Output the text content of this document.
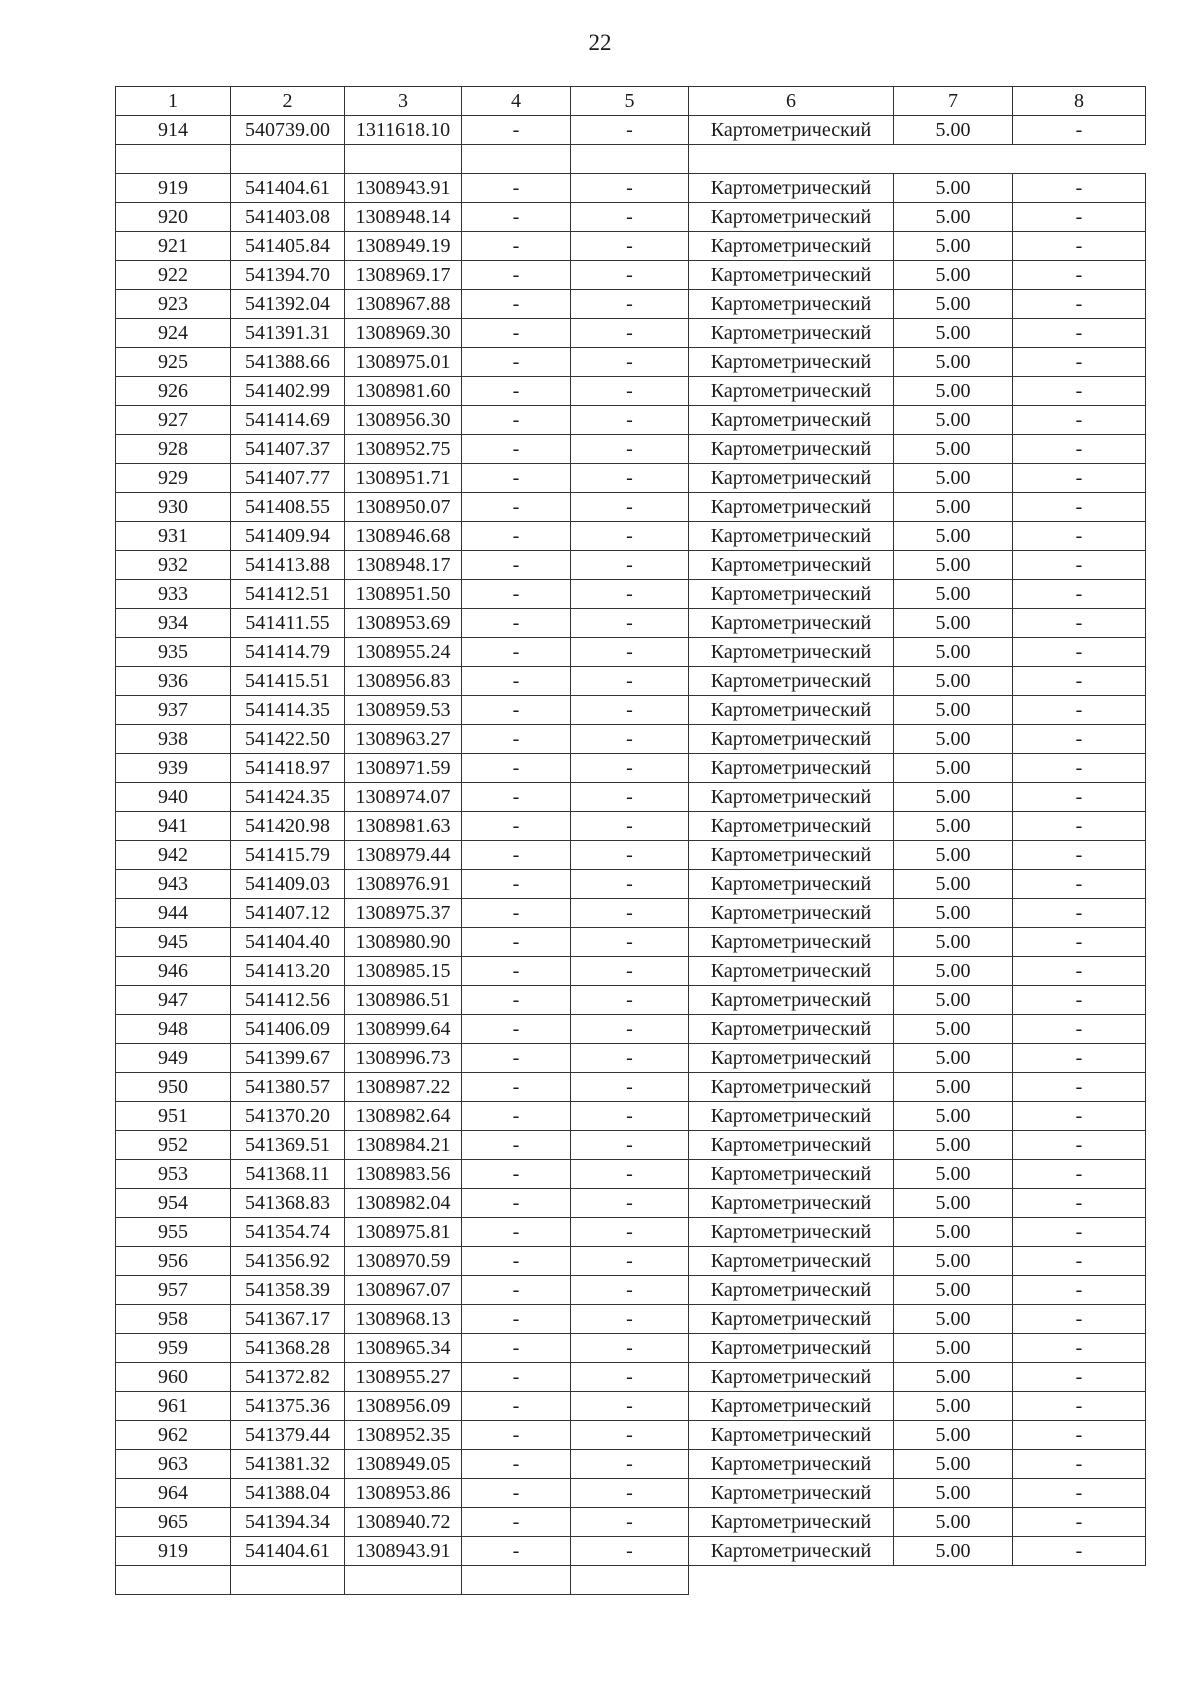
22
1	2	3	4	5	6	7	8
914	540739.00	1311618.10	-	-	Картометрический	5.00	-
919	541404.61	1308943.91	-	-	Картометрический	5.00	-
920	541403.08	1308948.14	-	-	Картометрический	5.00	-
921	541405.84	1308949.19	-	-	Картометрический	5.00	-
922	541394.70	1308969.17	-	-	Картометрический	5.00	-
923	541392.04	1308967.88	-	-	Картометрический	5.00	-
924	541391.31	1308969.30	-	-	Картометрический	5.00	-
925	541388.66	1308975.01	-	-	Картометрический	5.00	-
926	541402.99	1308981.60	-	-	Картометрический	5.00	-
927	541414.69	1308956.30	-	-	Картометрический	5.00	-
928	541407.37	1308952.75	-	-	Картометрический	5.00	-
929	541407.77	1308951.71	-	-	Картометрический	5.00	-
930	541408.55	1308950.07	-	-	Картометрический	5.00	-
931	541409.94	1308946.68	-	-	Картометрический	5.00	-
932	541413.88	1308948.17	-	-	Картометрический	5.00	-
933	541412.51	1308951.50	-	-	Картометрический	5.00	-
934	541411.55	1308953.69	-	-	Картометрический	5.00	-
935	541414.79	1308955.24	-	-	Картометрический	5.00	-
936	541415.51	1308956.83	-	-	Картометрический	5.00	-
937	541414.35	1308959.53	-	-	Картометрический	5.00	-
938	541422.50	1308963.27	-	-	Картометрический	5.00	-
939	541418.97	1308971.59	-	-	Картометрический	5.00	-
940	541424.35	1308974.07	-	-	Картометрический	5.00	-
941	541420.98	1308981.63	-	-	Картометрический	5.00	-
942	541415.79	1308979.44	-	-	Картометрический	5.00	-
943	541409.03	1308976.91	-	-	Картометрический	5.00	-
944	541407.12	1308975.37	-	-	Картометрический	5.00	-
945	541404.40	1308980.90	-	-	Картометрический	5.00	-
946	541413.20	1308985.15	-	-	Картометрический	5.00	-
947	541412.56	1308986.51	-	-	Картометрический	5.00	-
948	541406.09	1308999.64	-	-	Картометрический	5.00	-
949	541399.67	1308996.73	-	-	Картометрический	5.00	-
950	541380.57	1308987.22	-	-	Картометрический	5.00	-
951	541370.20	1308982.64	-	-	Картометрический	5.00	-
952	541369.51	1308984.21	-	-	Картометрический	5.00	-
953	541368.11	1308983.56	-	-	Картометрический	5.00	-
954	541368.83	1308982.04	-	-	Картометрический	5.00	-
955	541354.74	1308975.81	-	-	Картометрический	5.00	-
956	541356.92	1308970.59	-	-	Картометрический	5.00	-
957	541358.39	1308967.07	-	-	Картометрический	5.00	-
958	541367.17	1308968.13	-	-	Картометрический	5.00	-
959	541368.28	1308965.34	-	-	Картометрический	5.00	-
960	541372.82	1308955.27	-	-	Картометрический	5.00	-
961	541375.36	1308956.09	-	-	Картометрический	5.00	-
962	541379.44	1308952.35	-	-	Картометрический	5.00	-
963	541381.32	1308949.05	-	-	Картометрический	5.00	-
964	541388.04	1308953.86	-	-	Картометрический	5.00	-
965	541394.34	1308940.72	-	-	Картометрический	5.00	-
919	541404.61	1308943.91	-	-	Картометрический	5.00	-
